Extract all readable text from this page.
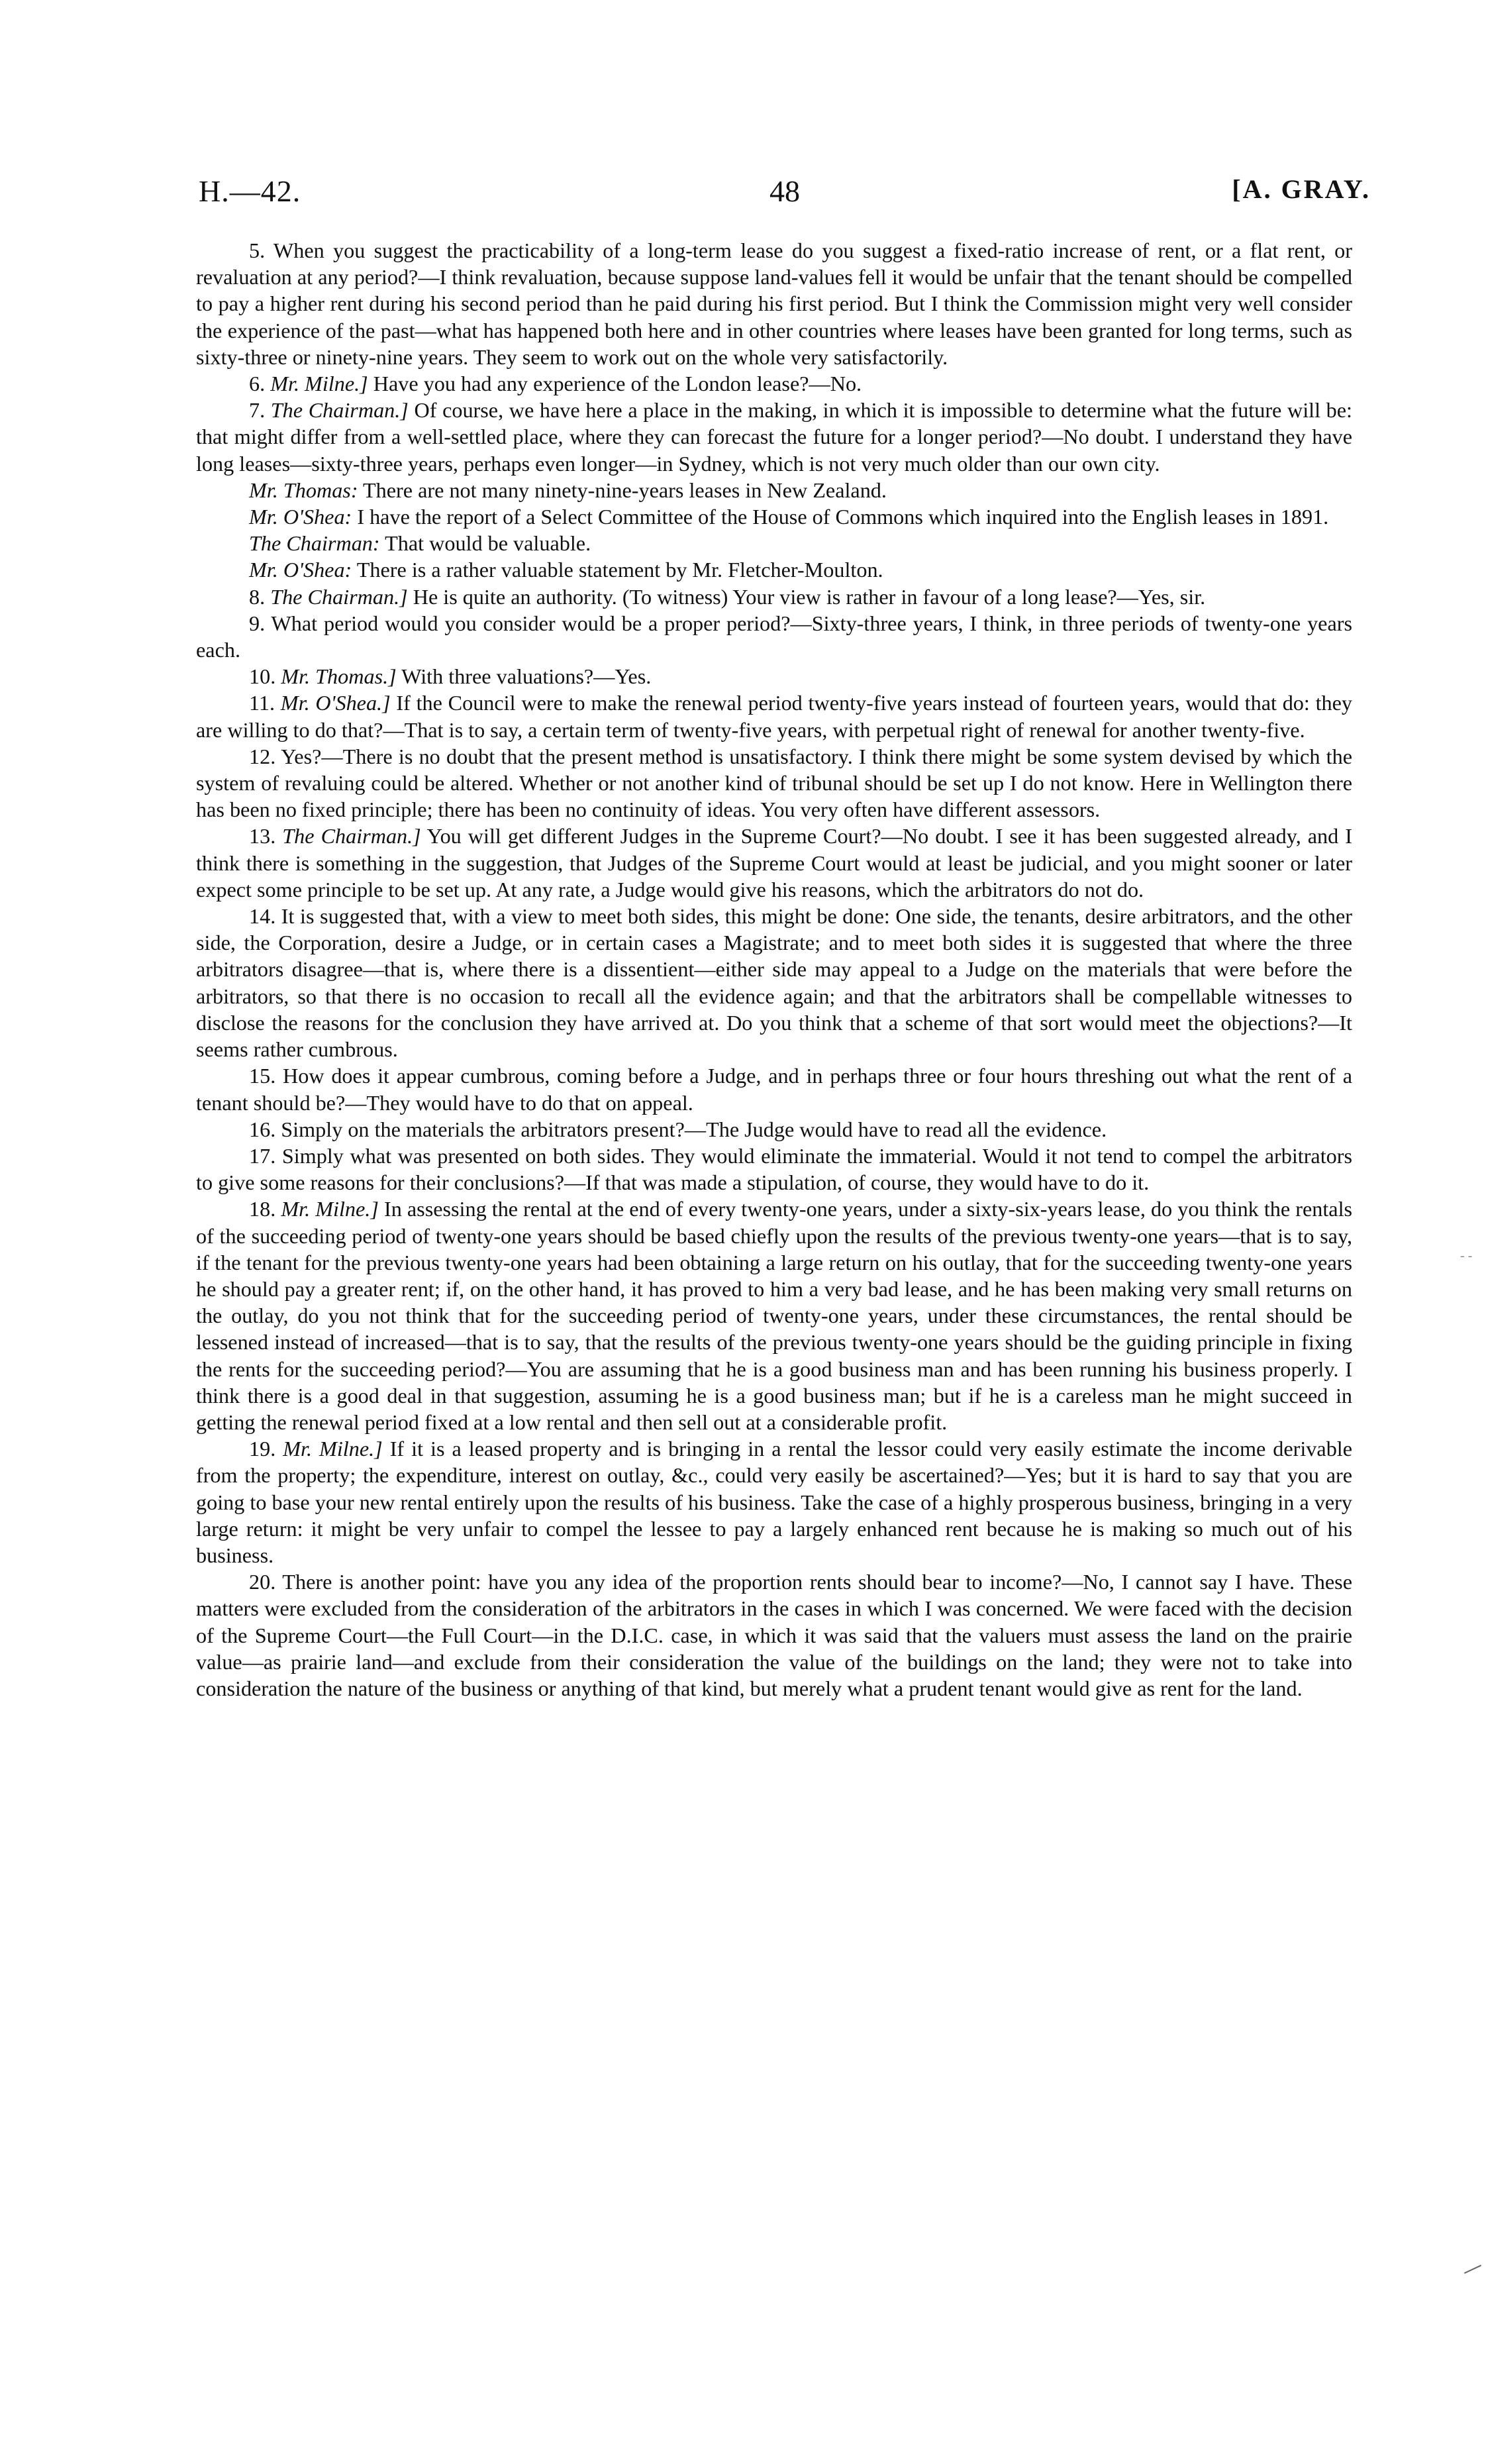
H.—42.	48	[A. GRAY.

5. When you suggest the practicability of a long-term lease do you suggest a fixed-ratio increase of rent, or a flat rent, or revaluation at any period?—I think revaluation, because suppose land-values fell it would be unfair that the tenant should be compelled to pay a higher rent during his second period than he paid during his first period. But I think the Commission might very well consider the experience of the past—what has happened both here and in other countries where leases have been granted for long terms, such as sixty-three or ninety-nine years. They seem to work out on the whole very satisfactorily.

6. Mr. Milne.] Have you had any experience of the London lease?—No.

7. The Chairman.] Of course, we have here a place in the making, in which it is impossible to determine what the future will be: that might differ from a well-settled place, where they can forecast the future for a longer period?—No doubt. I understand they have long leases—sixty-three years, perhaps even longer—in Sydney, which is not very much older than our own city.

Mr. Thomas: There are not many ninety-nine-years leases in New Zealand.

Mr. O'Shea: I have the report of a Select Committee of the House of Commons which inquired into the English leases in 1891.

The Chairman: That would be valuable.

Mr. O'Shea: There is a rather valuable statement by Mr. Fletcher-Moulton.

8. The Chairman.] He is quite an authority. (To witness) Your view is rather in favour of a long lease?—Yes, sir.

9. What period would you consider would be a proper period?—Sixty-three years, I think, in three periods of twenty-one years each.

10. Mr. Thomas.] With three valuations?—Yes.

11. Mr. O'Shea.] If the Council were to make the renewal period twenty-five years instead of fourteen years, would that do: they are willing to do that?—That is to say, a certain term of twenty-five years, with perpetual right of renewal for another twenty-five.

12. Yes?—There is no doubt that the present method is unsatisfactory. I think there might be some system devised by which the system of revaluing could be altered. Whether or not another kind of tribunal should be set up I do not know. Here in Wellington there has been no fixed principle; there has been no continuity of ideas. You very often have different assessors.

13. The Chairman.] You will get different Judges in the Supreme Court?—No doubt. I see it has been suggested already, and I think there is something in the suggestion, that Judges of the Supreme Court would at least be judicial, and you might sooner or later expect some principle to be set up. At any rate, a Judge would give his reasons, which the arbitrators do not do.

14. It is suggested that, with a view to meet both sides, this might be done: One side, the tenants, desire arbitrators, and the other side, the Corporation, desire a Judge, or in certain cases a Magistrate; and to meet both sides it is suggested that where the three arbitrators disagree—that is, where there is a dissentient—either side may appeal to a Judge on the materials that were before the arbitrators, so that there is no occasion to recall all the evidence again; and that the arbitrators shall be compellable witnesses to disclose the reasons for the conclusion they have arrived at. Do you think that a scheme of that sort would meet the objections?—It seems rather cumbrous.

15. How does it appear cumbrous, coming before a Judge, and in perhaps three or four hours threshing out what the rent of a tenant should be?—They would have to do that on appeal.

16. Simply on the materials the arbitrators present?—The Judge would have to read all the evidence.

17. Simply what was presented on both sides. They would eliminate the immaterial. Would it not tend to compel the arbitrators to give some reasons for their conclusions?—If that was made a stipulation, of course, they would have to do it.

18. Mr. Milne.] In assessing the rental at the end of every twenty-one years, under a sixty-six-years lease, do you think the rentals of the succeeding period of twenty-one years should be based chiefly upon the results of the previous twenty-one years—that is to say, if the tenant for the previous twenty-one years had been obtaining a large return on his outlay, that for the succeeding twenty-one years he should pay a greater rent; if, on the other hand, it has proved to him a very bad lease, and he has been making very small returns on the outlay, do you not think that for the succeeding period of twenty-one years, under these circumstances, the rental should be lessened instead of increased—that is to say, that the results of the previous twenty-one years should be the guiding principle in fixing the rents for the succeeding period?—You are assuming that he is a good business man and has been running his business properly. I think there is a good deal in that suggestion, assuming he is a good business man; but if he is a careless man he might succeed in getting the renewal period fixed at a low rental and then sell out at a considerable profit.

19. Mr. Milne.] If it is a leased property and is bringing in a rental the lessor could very easily estimate the income derivable from the property; the expenditure, interest on outlay, &c., could very easily be ascertained?—Yes; but it is hard to say that you are going to base your new rental entirely upon the results of his business. Take the case of a highly prosperous business, bringing in a very large return: it might be very unfair to compel the lessee to pay a largely enhanced rent because he is making so much out of his business.

20. There is another point: have you any idea of the proportion rents should bear to income?—No, I cannot say I have. These matters were excluded from the consideration of the arbitrators in the cases in which I was concerned. We were faced with the decision of the Supreme Court—the Full Court—in the D.I.C. case, in which it was said that the valuers must assess the land on the prairie value—as prairie land—and exclude from their consideration the value of the buildings on the land; they were not to take into consideration the nature of the business or anything of that kind, but merely what a prudent tenant would give as rent for the land.

- -
